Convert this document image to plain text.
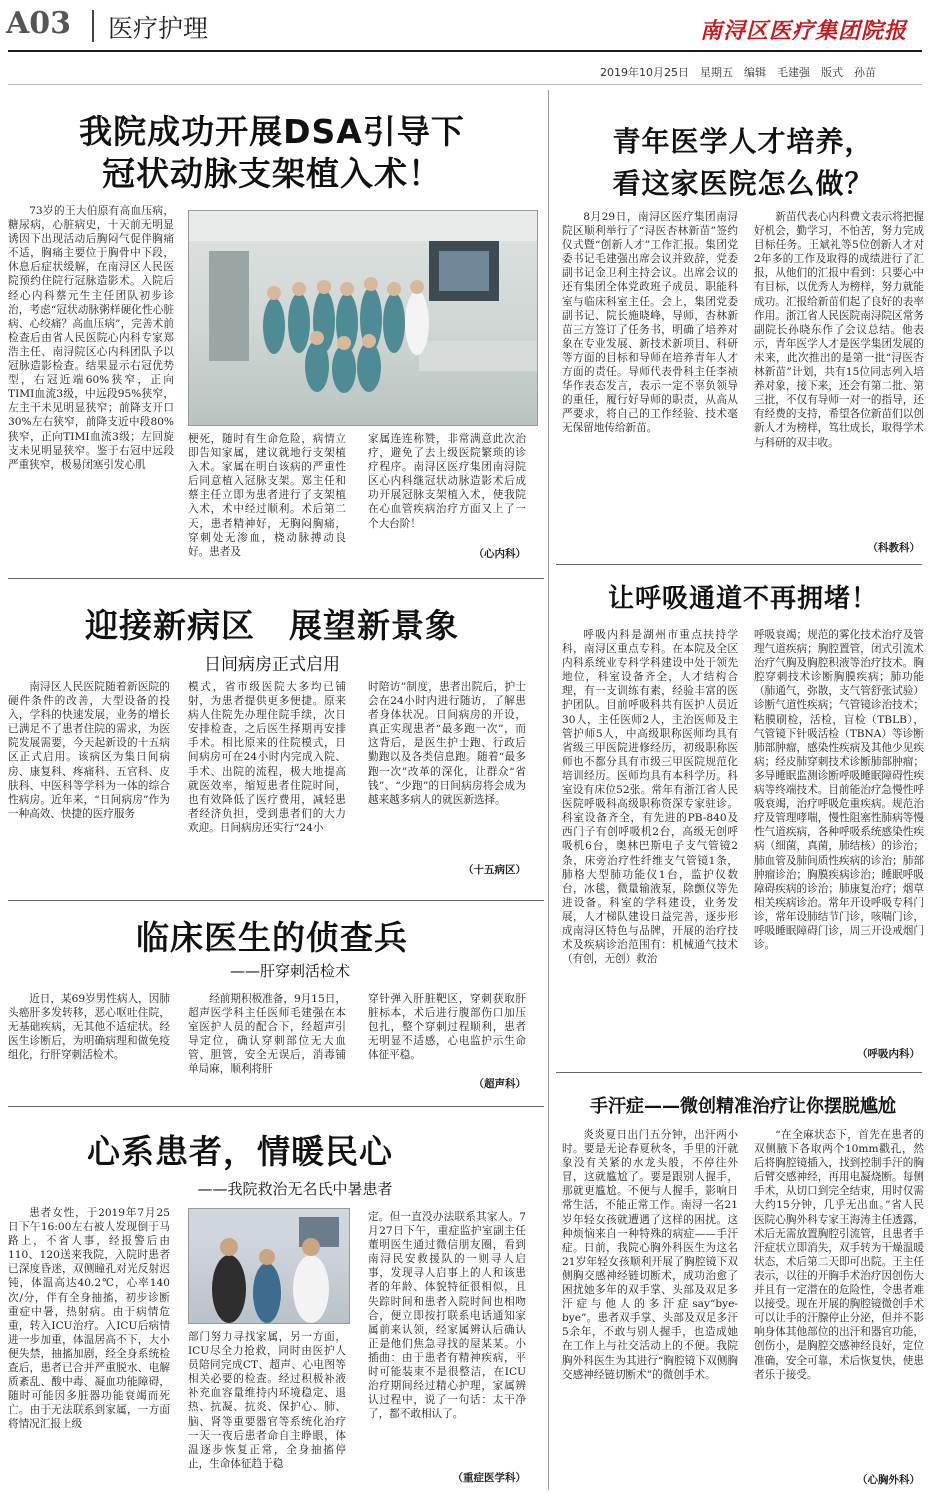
A03 医疗护理	南浔区医疗集团院报
2019年10月25日　星期五　编辑　毛建强　版式　孙苗
我院成功开展DSA引导下
冠状动脉支架植入术！

73岁的王大伯原有高血压病，糖尿病，心脏病史，十天前无明显诱因下出现活动后胸闷气促伴胸痛不适，胸痛主要位于胸骨中下段，休息后症状缓解，在南浔区人民医院预约住院行冠脉造影术。入院后经心内科蔡元生主任团队初步诊治，考虑“冠状动脉粥样硬化性心脏病、心绞痛？高血压病”，完善术前检查后由省人民医院心内科专家郑浩主任、南浔院区心内科团队予以冠脉造影检查。结果显示右冠优势型，右冠近端60%狭窄，正向TIMI血流3级，中远段95%狭窄，左主干未见明显狭窄；前降支开口30%左右狭窄，前降支近中段80%狭窄，正向TIMI血流3级；左回旋支未见明显狭窄。鉴于右冠中远段严重狭窄，极易闭塞引发心肌

梗死，随时有生命危险，病情立即告知家属，建议就地行支架植入术。家属在明白该病的严重性后同意植入冠脉支架。郑主任和蔡主任立即为患者进行了支架植入术，术中经过顺利。术后第二天，患者精神好，无胸闷胸痛，穿刺处无渗血，桡动脉搏动良好。患者及

家属连连称赞，非常满意此次治疗，避免了去上级医院繁琐的诊疗程序。南浔区医疗集团南浔院区心内科继冠状动脉造影术后成功开展冠脉支架植入术，使我院在心血管疾病治疗方面又上了一个大台阶！

（心内科）
迎接新病区　展望新景象
日间病房正式启用

南浔区人民医院随着新医院的硬件条件的改善，大型设备的投入，学科的快速发展，业务的增长已满足不了患者住院的需求，为医院发展需要，今天起新设的十五病区正式启用。该病区为集日间病房、康复科、疼痛科、五官科、皮肤科、中医科等学科为一体的综合性病房。近年来，“日间病房”作为一种高效、快捷的医疗服务

模式，省市级医院大多均已铺射，为患者提供更多便捷。原来病人住院先办理住院手续，次日安排检查，之后医生择期再安排手术。相比原来的住院模式，日间病房可在24小时内完成入院、手术、出院的流程，极大地提高就医效率，缩短患者住院时间，也有效降低了医疗费用，减轻患者经济负担，受到患者们的大力欢迎。日间病房还实行“24小

时陪访”制度，患者出院后，护士会在24小时内进行随访，了解患者身体状况。日间病房的开设，真正实现患者“最多跑一次”，而这背后，是医生护士跑、行政后勤跑以及各类信息跑。随着“最多跑一次”改革的深化，让群众“省钱”、“少跑”的日间病房将会成为越来越多病人的就医新选择。

（十五病区）
临床医生的侦查兵
——肝穿刺活检术

近日，某69岁男性病人，因肺头癌肝多发转移，恶心呕吐住院，无基础疾病，无其他不适症状。经医生诊断后，为明确病理和做免疫组化，行肝穿刺活检术。

经前期积极准备，9月15日，超声医学科主任医师毛建强在本室医护人员的配合下，经超声引导定位，确认穿刺部位无大血管、胆管，安全无误后，消毒铺单局麻，顺利将肝

穿针弹入肝脏靶区，穿刺获取肝脏标本，术后进行腹部伤口加压包扎，整个穿刺过程顺利，患者无明显不适感，心电监护示生命体征平稳。

（超声科）
心系患者，情暖民心
——我院救治无名氏中暑患者

患者女性，于2019年7月25日下午16:00左右被人发现倒于马路上，不省人事，经报警后由110、120送来我院，入院时患者已深度昏迷，双侧瞳孔对光反射迟钝，体温高达40.2℃，心率140次/分，伴有全身抽搐，初步诊断重症中暑，热射病。由于病情危重，转入ICU治疗。入ICU后病情进一步加重，体温居高不下，大小便失禁，抽搐加剧，经全身系统检查后，患者已合并严重脱水、电解质紊乱、酸中毒、凝血功能障碍，随时可能因多脏器功能衰竭而死亡。由于无法联系到家属，一方面将情况汇报上级

部门努力寻找家属，另一方面，ICU尽全力抢救，同时由医护人员陪同完成CT、超声、心电图等相关必要的检查。经过积极补液补充血容量维持内环境稳定、退热、抗凝、抗炎、保护心、肺、脑、肾等重要器官等系统化治疗一天一夜后患者命自主睁眼，体温逐步恢复正常，全身抽搐停止，生命体征趋于稳

定。但一直没办法联系其家人。7月27日下午，重症监护室副主任董明医生通过微信朋友圈，看到南浔民安救援队的一则寻人启事，发现寻人启事上的人和该患者的年龄、体貌特征很相似，且失踪时间和患者入院时间也相吻合，便立即按打联系电话通知家属前来认领，经家属辨认后确认正是他们焦急寻找的屋某某。小插曲：由于患者有精神疾病，平时可能装束不是很整洁，在ICU治疗期间经过精心护理，家属辨认过程中，说了一句话：太干净了，都不敢相认了。

（重症医学科）
青年医学人才培养，
看这家医院怎么做？

8月29日，南浔区医疗集团南浔院区顺利举行了“浔医杏林新苗”签约仪式暨“创新人才”工作汇报。集团党委书记毛建强出席会议并致辞，党委副书记金卫利主持会议。出席会议的还有集团全体党政班子成员、职能科室与临床科室主任。会上，集团党委副书记、院长施晓峰，导师，杏林新苗三方签订了任务书，明确了培养对象在专业发展、新技术新项目、科研等方面的目标和导师在培养青年人才方面的责任。导师代表骨科主任李祯华作表态发言，表示一定不辜负领导的重任，履行好导师的职责，从高从严要求，将自己的工作经验、技术毫无保留地传给新苗。

新苗代表心内科费文表示将把握好机会，勤学习，不怕苦，努力完成目标任务。王斌礼等5位创新人才对2年多的工作及取得的成绩进行了汇报，从他们的汇报中看到：只要心中有目标，以优秀人为榜样，努力就能成功。汇报给新苗们起了良好的表率作用。浙江省人民医院南浔院区常务副院长孙晓东作了会议总结。他表示，青年医学人才是医学集团发展的未来，此次推出的是第一批“浔医杏林新苗”计划，共有15位同志列入培养对象，接下来，还会有第二批、第三批，不仅有导师一对一的指导，还有经费的支持，希望各位新苗们以创新人才为榜样，笃壮成长，取得学术与科研的双丰收。

（科教科）
让呼吸通道不再拥堵！

呼吸内科是湖州市重点扶持学科，南浔区重点专科。在本院及全区内科系统业专科学科建设中处于领先地位，科室设备齐全，人才结构合理，有一支训练有素，经验丰富的医护团队。目前呼吸科共有医护人员近30人，主任医师2人，主治医师及主管护师5人，中高级职称医师均具有省级三甲医院进修经历，初级职称医师也不都分具有市级三甲医院规范化培训经历。医师均具有本科学历。科室设有床位52张。常年有浙江省人民医院呼吸科高级职称资深专家驻诊。科室设备齐全，有先进的PB-840及西门子有创呼吸机2台，高级无创呼吸机6台，奥林巴斯电子支气管镜2条，床旁治疗性纤维支气管镜1条，肺格大型肺功能仪1台，监护仪数台，冰毯，微量输液泵，除颤仪等先进设备。科室的学科建设，业务发展，人才梯队建设日益完善，逐步形成南浔区特色与品牌，开展的治疗技术及疾病诊治范围有：机械通气技术（有创，无创）救治

呼吸衰竭；规范的雾化技术治疗及管理气道疾病；胸腔置管，闭式引流术治疗气胸及胸腔积液等治疗技术。胸腔穿刺技术诊断胸膜疾病；肺功能（肺通气，弥散，支气管舒张试验）诊断气道性疾病；气管镜诊治技术；粘膜刷检，活检，盲检（TBLB），气管镜下针吸活检（TBNA）等诊断肺部肿瘤，感染性疾病及其他少见疾病；经皮肺穿刺技术诊断肺部肿瘤；多导睡眠监测诊断呼吸睡眠障碍性疾病等终端技术。目前能治疗急慢性呼吸衰竭，治疗呼吸危重疾病。规范治疗及管理哮喘，慢性阻塞性肺病等慢性气道疾病，各种呼吸系统感染性疾病（细菌，真菌，肺结核）的诊治；肺血管及肺间质性疾病的诊治；肺部肿瘤诊治；胸膜疾病诊治；睡眠呼吸障碍疾病的诊治；肺康复治疗；烟草相关疾病诊治。常年开设呼吸专科门诊，常年设肺结节门诊，咳喘门诊，呼吸睡眠障碍门诊，周三开设戒烟门诊。

（呼吸内科）
手汗症——微创精准治疗让你摆脱尴尬

炎炎夏日出门五分钟，出汗两小时。要是无论春夏秋冬，手里的汗就象没有关紧的水龙头般，不停往外冒，这就尴尬了。要是跟别人握手，那就更尴尬。不便与人握手，影响日常生活，不能正常工作。南浔一名21岁年轻女孩就遭遇了这样的困扰。这种烦恼来自一种特殊的病症——手汗症。日前，我院心胸外科医生为这名21岁年轻女孩顺利开展了胸腔镜下双侧胸交感神经链切断术，成功治愈了困扰她多年的双手掌、头部及双足多汗症与他人的多汗症say“bye-bye”。患者双手掌、头部及双足多汗5余年，不敢与别人握手，也造成她在工作上与社交活动上的不便。我院胸外科医生为其进行“胸腔镜下双侧胸交感神经链切断术”的微创手术。

“在全麻状态下，首先在患者的双侧腋下各取两个10mm戳孔，然后将胸腔镜插入，找到控制手汗的胸后臂交感神经，再用电凝烧断。每侧手术，从切口到完全结束，用时仅需大约15分钟，几乎无出血。”省人民医院心胸外科专家王海涛主任透露，术后无需放置胸腔引流管，且患者手汗症状立即消失，双手转为干燥温暖状态，术后第二天即可出院。王主任表示，以往的开胸手术治疗因创伤大并且有一定潜在的危险性，令患者难以接受。现在开展的胸腔镜微创手术可以让手的汗腺停止分泌，但并不影响身体其他部位的出汗和器官功能，创伤小，是胸腔交感神经良好，定位准确，安全可靠，术后恢复快，使患者乐于接受。

（心胸外科）
